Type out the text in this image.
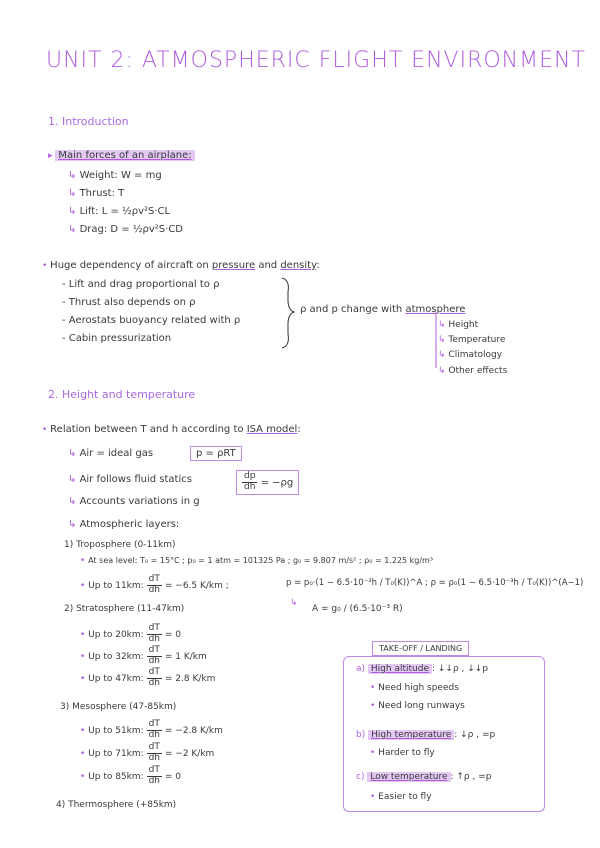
UNIT 2: ATMOSPHERIC FLIGHT ENVIRONMENT
1. Introduction
▸ Main forces of an airplane:
↳ Weight: W = mg
↳ Thrust: T
↳ Lift: L = ½ρv²S·CL
↳ Drag: D = ½ρv²S·CD
• Huge dependency of aircraft on pressure and density:
- Lift and drag proportional to ρ
- Thrust also depends on ρ
- Aerostats buoyancy related with ρ
- Cabin pressurization
ρ and p change with atmosphere
↳ Height
↳ Temperature
↳ Climatology
↳ Other effects
2. Height and temperature
• Relation between T and h according to ISA model:
↳ Air = ideal gas	p = ρRT
↳ Air follows fluid statics	$\frac{dp}{dh} = -\rho g$
↳ Accounts variations in g
↳ Atmospheric layers:
1) Troposphere (0-11km)
• At sea level: T₀ = 15°C ; p₀ = 1 atm = 101325 Pa ; g₀ = 9.807 m/s² ; ρ₀ = 1.225 kg/m³
• Up to 11km: $\frac{dT}{dh} = -6.5$ K/km ;	p = p₀·(1 − 6.5·10⁻³h / T₀(K))^A ; ρ = ρ₀(1 − 6.5·10⁻³h / T₀(K))^(A−1)
↳
A = g₀ / (6.5·10⁻³ R)
2) Stratosphere (11-47km)
• Up to 20km: $\frac{dT}{dh} = 0$
• Up to 32km: $\frac{dT}{dh} = 1$ K/km
• Up to 47km: $\frac{dT}{dh} = 2.8$ K/km
3) Mesosphere (47-85km)
• Up to 51km: $\frac{dT}{dh} = -2.8$ K/km
• Up to 71km: $\frac{dT}{dh} = -2$ K/km
• Up to 85km: $\frac{dT}{dh} = 0$
4) Thermosphere (+85km)
TAKE-OFF / LANDING
a) High altitude : ↓↓ρ , ↓↓p
• Need high speeds
• Need long runways
b) High temperature : ↓ρ , =p
• Harder to fly
c) Low temperature : ↑ρ , =p
• Easier to fly
